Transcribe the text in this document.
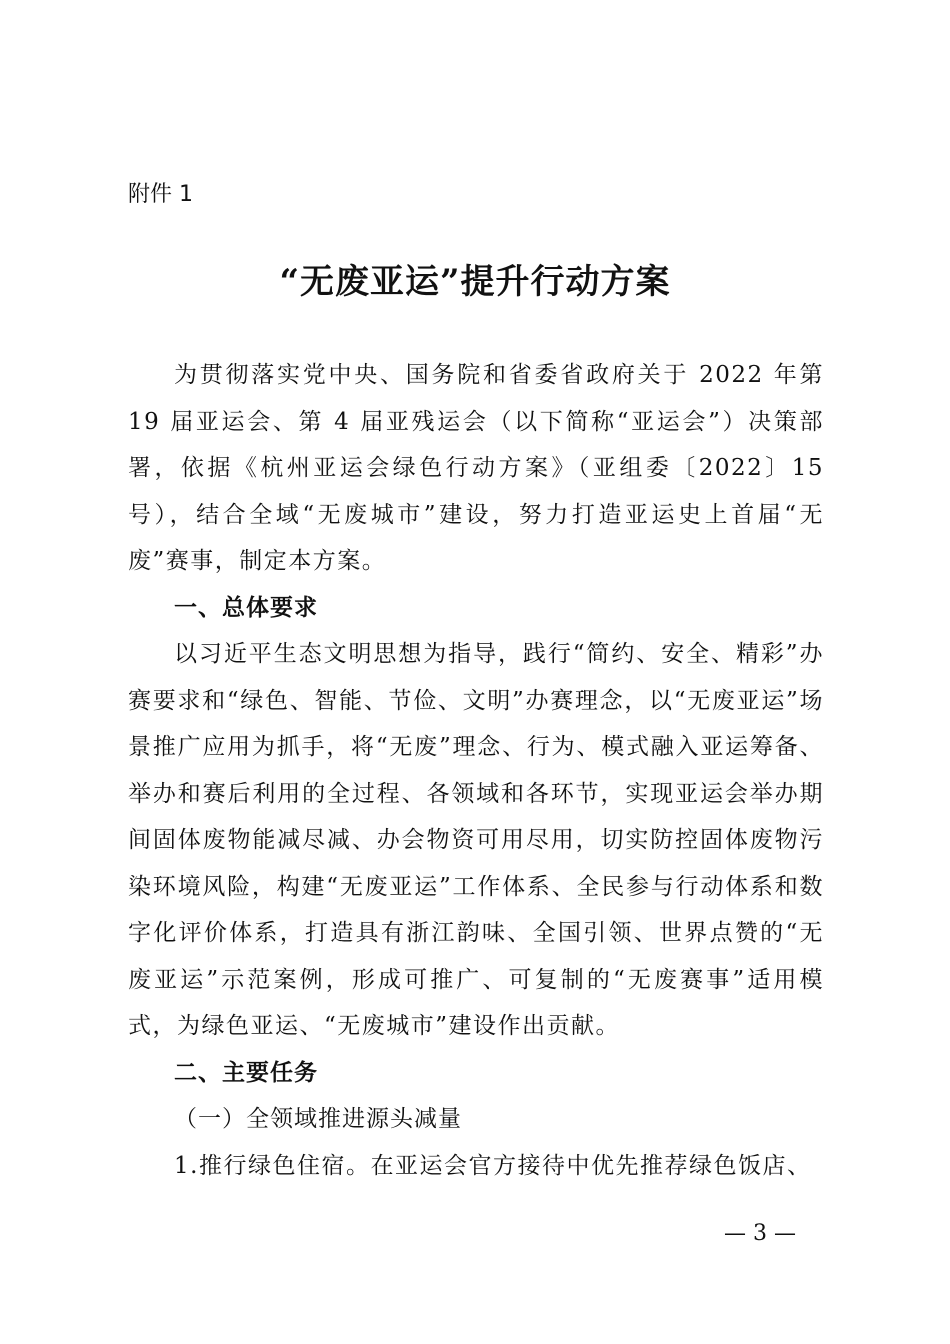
附件 1

“无废亚运”提升行动方案

为贯彻落实党中央、国务院和省委省政府关于 2022 年第 19 届亚运会、第 4 届亚残运会（以下简称“亚运会”）决策部署，依据《杭州亚运会绿色行动方案》（亚组委〔2022〕15 号），结合全域“无废城市”建设，努力打造亚运史上首届“无废”赛事，制定本方案。

一、总体要求

以习近平生态文明思想为指导，践行“简约、安全、精彩”办赛要求和“绿色、智能、节俭、文明”办赛理念，以“无废亚运”场景推广应用为抓手，将“无废”理念、行为、模式融入亚运筹备、举办和赛后利用的全过程、各领域和各环节，实现亚运会举办期间固体废物能减尽减、办会物资可用尽用，切实防控固体废物污染环境风险，构建“无废亚运”工作体系、全民参与行动体系和数字化评价体系，打造具有浙江韵味、全国引领、世界点赞的“无废亚运”示范案例，形成可推广、可复制的“无废赛事”适用模式，为绿色亚运、“无废城市”建设作出贡献。

二、主要任务

（一）全领域推进源头减量

1.推行绿色住宿。在亚运会官方接待中优先推荐绿色饭店、

— 3 —
